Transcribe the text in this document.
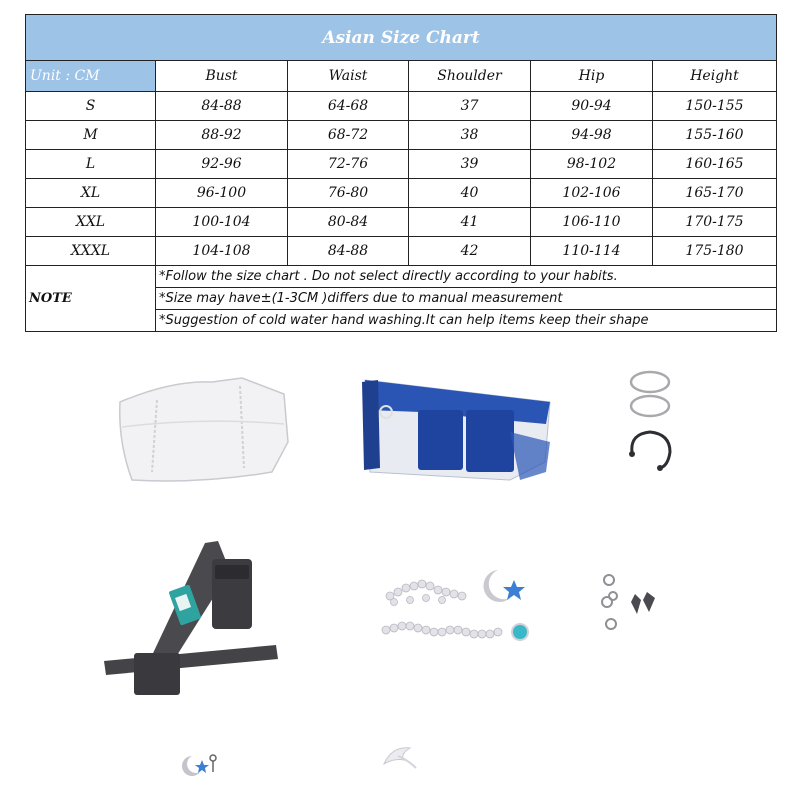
Asian Size Chart					
Unit : CM	Bust	Waist	Shoulder	Hip	Height
S	84-88	64-68	37	90-94	150-155
M	88-92	68-72	38	94-98	155-160
L	92-96	72-76	39	98-102	160-165
XL	96-100	76-80	40	102-106	165-170
XXL	100-104	80-84	41	106-110	170-175
XXXL	104-108	84-88	42	110-114	175-180
NOTE	*Follow the size chart . Do not select directly according to your habits.				
	*Size may have±(1-3CM )differs due to manual measurement				
	*Suggestion of cold water hand washing.It can help items keep their shape				
